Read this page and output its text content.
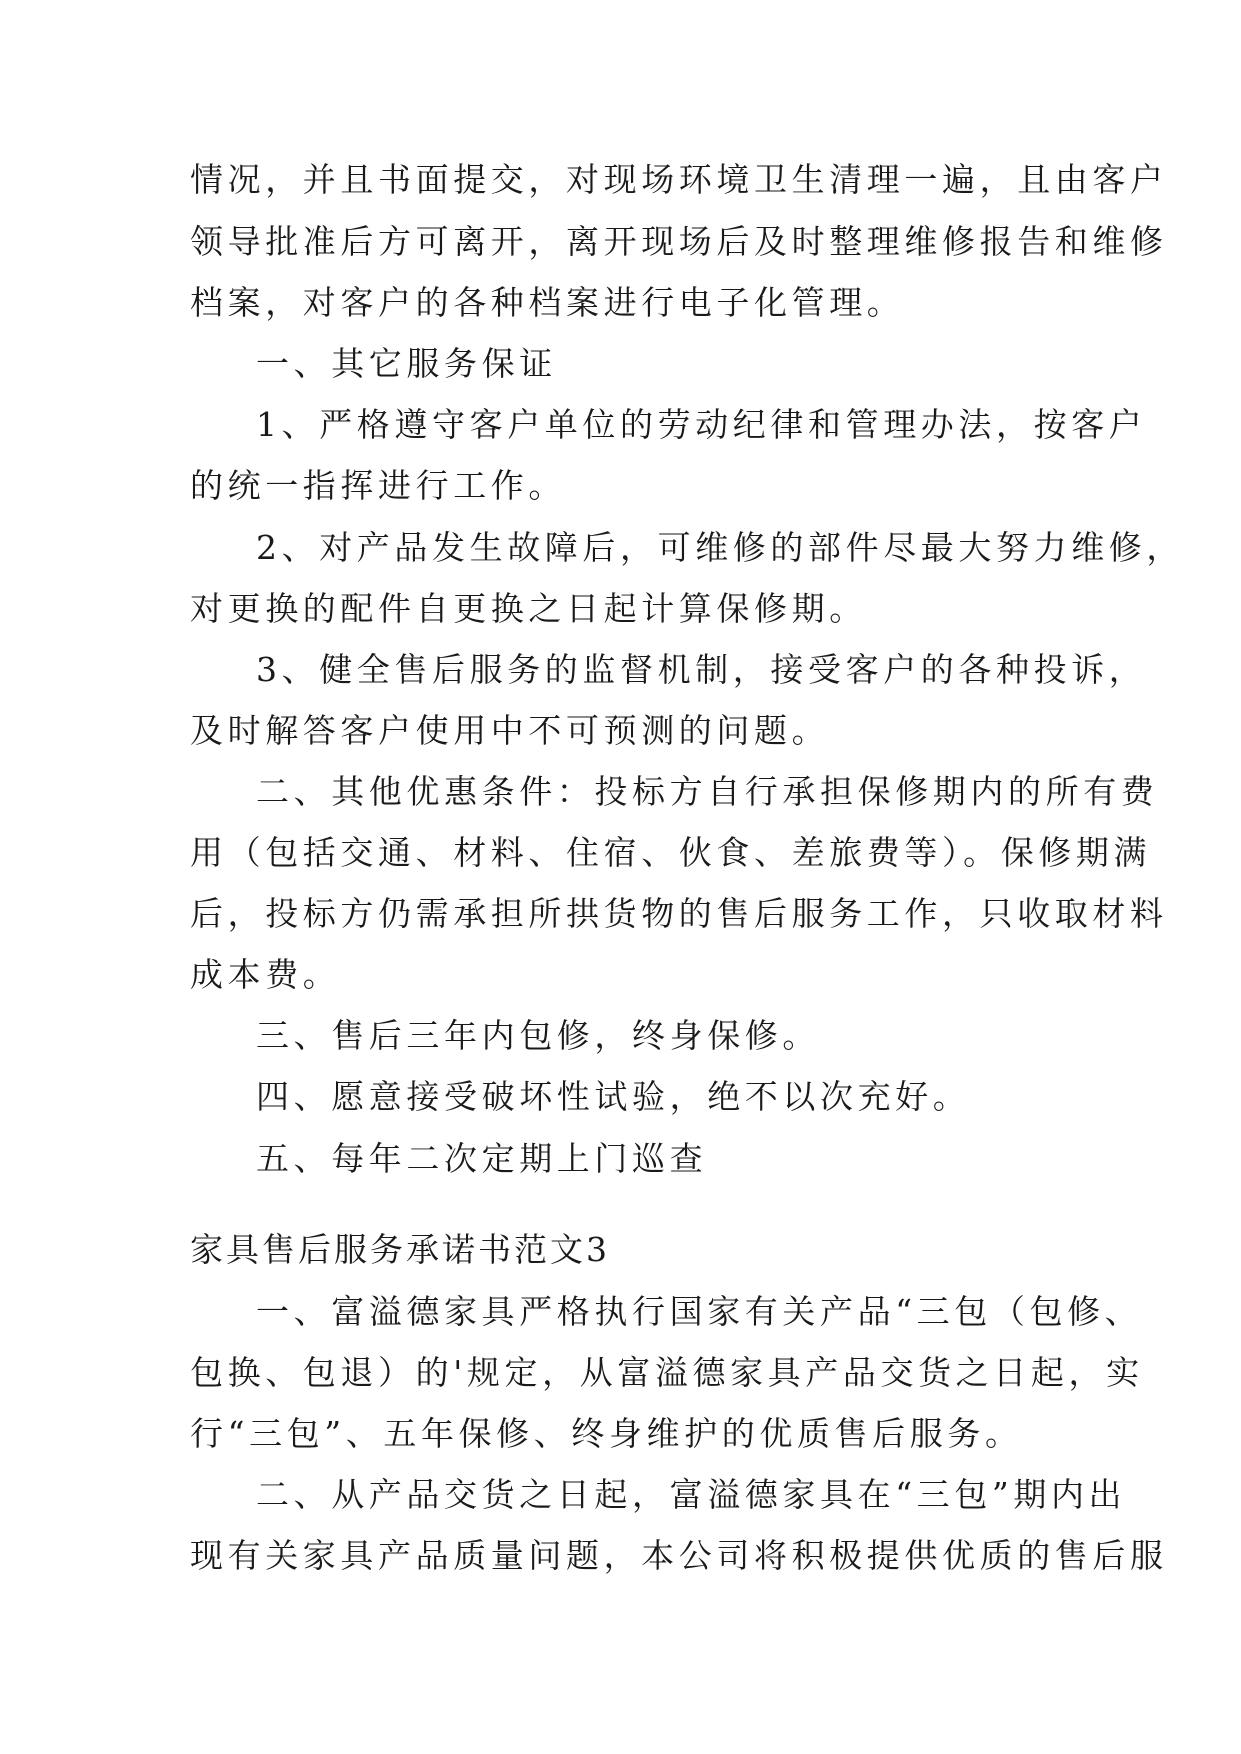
情况，并且书面提交，对现场环境卫生清理一遍，且由客户
领导批准后方可离开，离开现场后及时整理维修报告和维修
档案，对客户的各种档案进行电子化管理。
一、其它服务保证
1、严格遵守客户单位的劳动纪律和管理办法，按客户
的统一指挥进行工作。
2、对产品发生故障后，可维修的部件尽最大努力维修，
对更换的配件自更换之日起计算保修期。
3、健全售后服务的监督机制，接受客户的各种投诉，
及时解答客户使用中不可预测的问题。
二、其他优惠条件：投标方自行承担保修期内的所有费
用（包括交通、材料、住宿、伙食、差旅费等）。保修期满
后，投标方仍需承担所拱货物的售后服务工作，只收取材料
成本费。
三、售后三年内包修，终身保修。
四、愿意接受破坏性试验，绝不以次充好。
五、每年二次定期上门巡查
家具售后服务承诺书范文3
一、富溢德家具严格执行国家有关产品“三包（包修、
包换、包退）的'规定，从富溢德家具产品交货之日起，实
行“三包”、五年保修、终身维护的优质售后服务。
二、从产品交货之日起，富溢德家具在“三包”期内出
现有关家具产品质量问题，本公司将积极提供优质的售后服
